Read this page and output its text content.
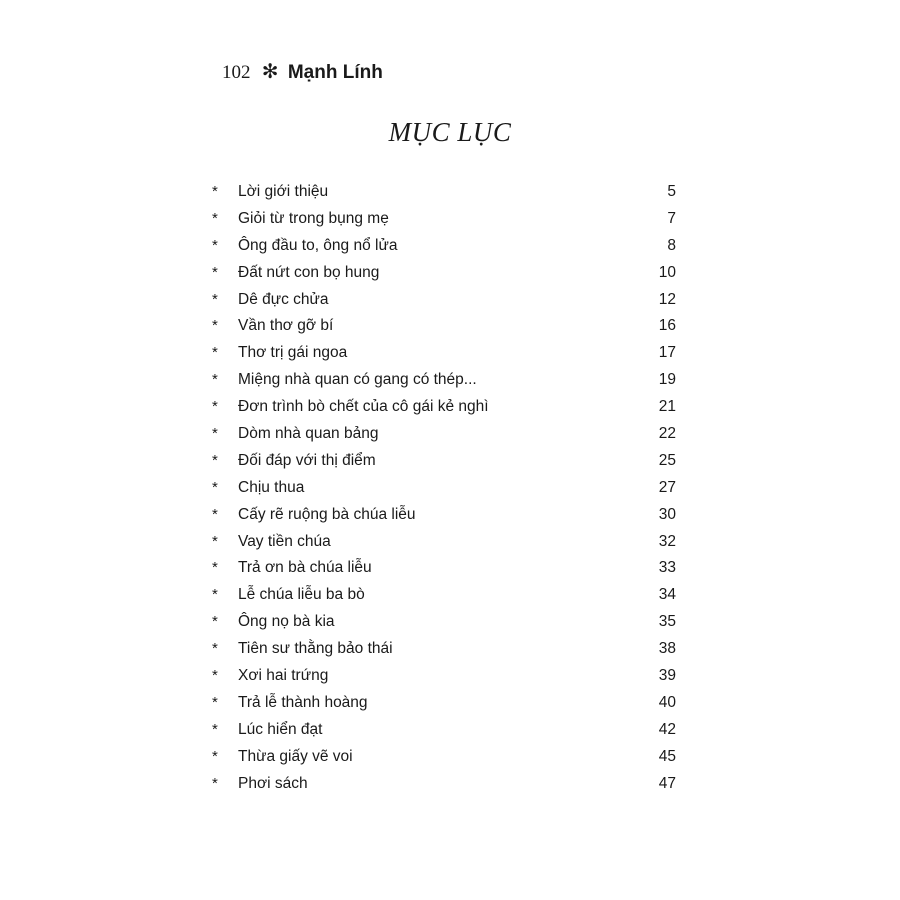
102 ✻ Mạnh Lính
MỤC LỤC
*	Lời giới thiệu . . .	5
*	Giỏi từ trong bụng mẹ . . .	7
*	Ông đầu to, ông nổ lửa . . .	8
*	Đất nứt con bọ hung . . .	10
*	Dê đực chửa . . .	12
*	Vần thơ gỡ bí . . .	16
*	Thơ trị gái ngoa . . .	17
*	Miệng nhà quan có gang có thép... . . .	19
*	Đơn trình bò chết của cô gái kẻ nghì . . .	21
*	Dòm nhà quan bảng . . .	22
*	Đối đáp với thị điểm . . .	25
*	Chịu thua . . .	27
*	Cấy rẽ ruộng bà chúa liễu . . .	30
*	Vay tiền chúa . . .	32
*	Trả ơn bà chúa liễu . . .	33
*	Lễ chúa liễu ba bò . . .	34
*	Ông nọ bà kia . . .	35
*	Tiên sư thằng bảo thái . . .	38
*	Xơi hai trứng . . .	39
*	Trả lễ thành hoàng . . .	40
*	Lúc hiển đạt . . .	42
*	Thừa giấy vẽ voi . . .	45
*	Phơi sách . . .	47
